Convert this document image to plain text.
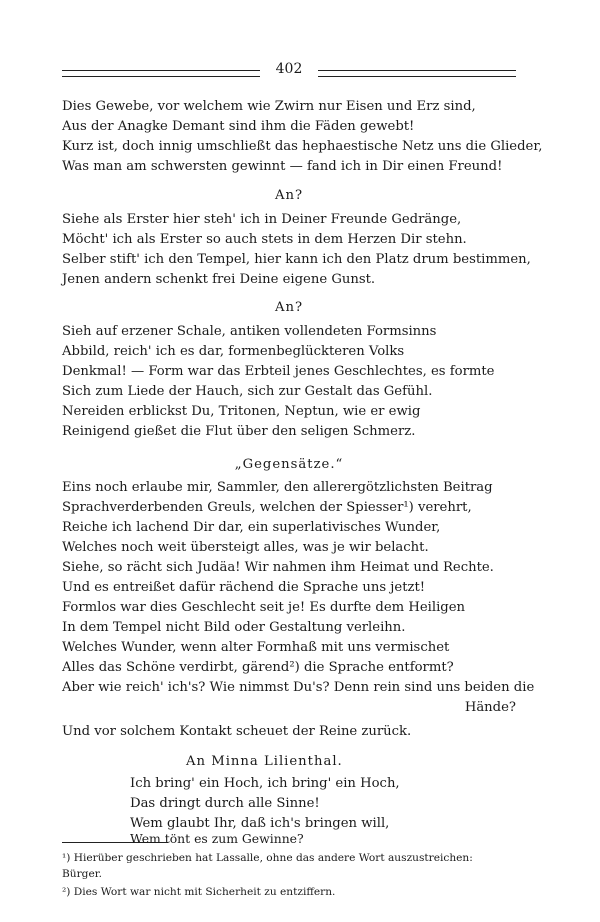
402
Dies Gewebe, vor welchem wie Zwirn nur Eisen und Erz sind,
Aus der Anagke Demant sind ihm die Fäden gewebt!
Kurz ist, doch innig umschließt das hephaestische Netz uns die Glieder,
Was man am schwersten gewinnt — fand ich in Dir einen Freund!
An?
Siehe als Erster hier steh' ich in Deiner Freunde Gedränge,
Möcht' ich als Erster so auch stets in dem Herzen Dir stehn.
Selber stift' ich den Tempel, hier kann ich den Platz drum bestimmen,
Jenen andern schenkt frei Deine eigene Gunst.
An?
Sieh auf erzener Schale, antiken vollendeten Formsinns
Abbild, reich' ich es dar, formenbeglückteren Volks
Denkmal! — Form war das Erbteil jenes Geschlechtes, es formte
Sich zum Liede der Hauch, sich zur Gestalt das Gefühl.
Nereiden erblickst Du, Tritonen, Neptun, wie er ewig
Reinigend gießet die Flut über den seligen Schmerz.
„Gegensätze.“
Eins noch erlaube mir, Sammler, den allerergötzlichsten Beitrag
Sprachverderbenden Greuls, welchen der Spiesser¹) verehrt,
Reiche ich lachend Dir dar, ein superlativisches Wunder,
Welches noch weit übersteigt alles, was je wir belacht.
Siehe, so rächt sich Judäa! Wir nahmen ihm Heimat und Rechte.
Und es entreißet dafür rächend die Sprache uns jetzt!
Formlos war dies Geschlecht seit je! Es durfte dem Heiligen
In dem Tempel nicht Bild oder Gestaltung verleihn.
Welches Wunder, wenn alter Formhaß mit uns vermischet
Alles das Schöne verdirbt, gärend²) die Sprache entformt?
Aber wie reich' ich's? Wie nimmst Du's? Denn rein sind uns beiden die
Hände?
Und vor solchem Kontakt scheuet der Reine zurück.
An Minna Lilienthal.
Ich bring' ein Hoch, ich bring' ein Hoch,
Das dringt durch alle Sinne!
¹) Hierüber geschrieben hat Lassalle, ohne das andere Wort auszustreichen:
Bürger.
²) Dies Wort war nicht mit Sicherheit zu entziffern.
Wem glaubt Ihr, daß ich's bringen will,
Wem tönt es zum Gewinne?
